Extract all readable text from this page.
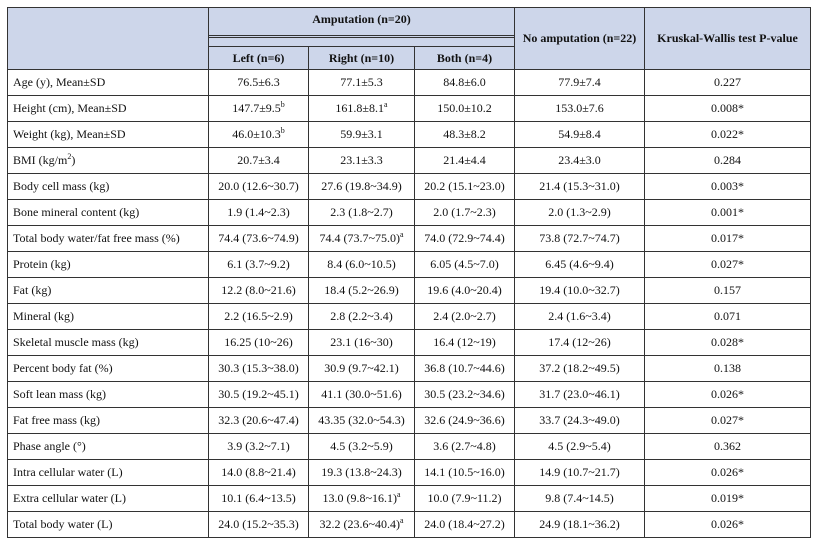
	Amputation (n=20)			No amputation (n=22)	Kruskal-Wallis test P-value
	Left (n=6)	Right (n=10)	Both (n=4)		
Age (y), Mean±SD	76.5±6.3	77.1±5.3	84.8±6.0	77.9±7.4	0.227
Height (cm), Mean±SD	147.7±9.5$^b$	161.8±8.1$^a$	150.0±10.2	153.0±7.6	0.008*
Weight (kg), Mean±SD	46.0±10.3$^b$	59.9±3.1	48.3±8.2	54.9±8.4	0.022*
BMI $(kg/m^2)$	20.7±3.4	23.1±3.3	21.4±4.4	23.4±3.0	0.284
Body cell mass (kg)	20.0 (12.6~30.7)	27.6 (19.8~34.9)	20.2 (15.1~23.0)	21.4 (15.3~31.0)	0.003*
Bone mineral content (kg)	1.9 (1.4~2.3)	2.3 (1.8~2.7)	2.0 (1.7~2.3)	2.0 (1.3~2.9)	0.001*
Total body water/fat free mass (%)	74.4 (73.6~74.9)	74.4 (73.7~75.0)$^a$	74.0 (72.9~74.4)	73.8 (72.7~74.7)	0.017*
Protein (kg)	6.1 (3.7~9.2)	8.4 (6.0~10.5)	6.05 (4.5~7.0)	6.45 (4.6~9.4)	0.027*
Fat (kg)	12.2 (8.0~21.6)	18.4 (5.2~26.9)	19.6 (4.0~20.4)	19.4 (10.0~32.7)	0.157
Mineral (kg)	2.2 (16.5~2.9)	2.8 (2.2~3.4)	2.4 (2.0~2.7)	2.4 (1.6~3.4)	0.071
Skeletal muscle mass (kg)	16.25 (10~26)	23.1 (16~30)	16.4 (12~19)	17.4 (12~26)	0.028*
Percent body fat (%)	30.3 (15.3~38.0)	30.9 (9.7~42.1)	36.8 (10.7~44.6)	37.2 (18.2~49.5)	0.138
Soft lean mass (kg)	30.5 (19.2~45.1)	41.1 (30.0~51.6)	30.5 (23.2~34.6)	31.7 (23.0~46.1)	0.026*
Fat free mass (kg)	32.3 (20.6~47.4)	43.35 (32.0~54.3)	32.6 (24.9~36.6)	33.7 (24.3~49.0)	0.027*
Phase angle (°)	3.9 (3.2~7.1)	4.5 (3.2~5.9)	3.6 (2.7~4.8)	4.5 (2.9~5.4)	0.362
Intra cellular water (L)	14.0 (8.8~21.4)	19.3 (13.8~24.3)	14.1 (10.5~16.0)	14.9 (10.7~21.7)	0.026*
Extra cellular water (L)	10.1 (6.4~13.5)	13.0 (9.8~16.1)$^a$	10.0 (7.9~11.2)	9.8 (7.4~14.5)	0.019*
Total body water (L)	24.0 (15.2~35.3)	32.2 (23.6~40.4)$^a$	24.0 (18.4~27.2)	24.9 (18.1~36.2)	0.026*
